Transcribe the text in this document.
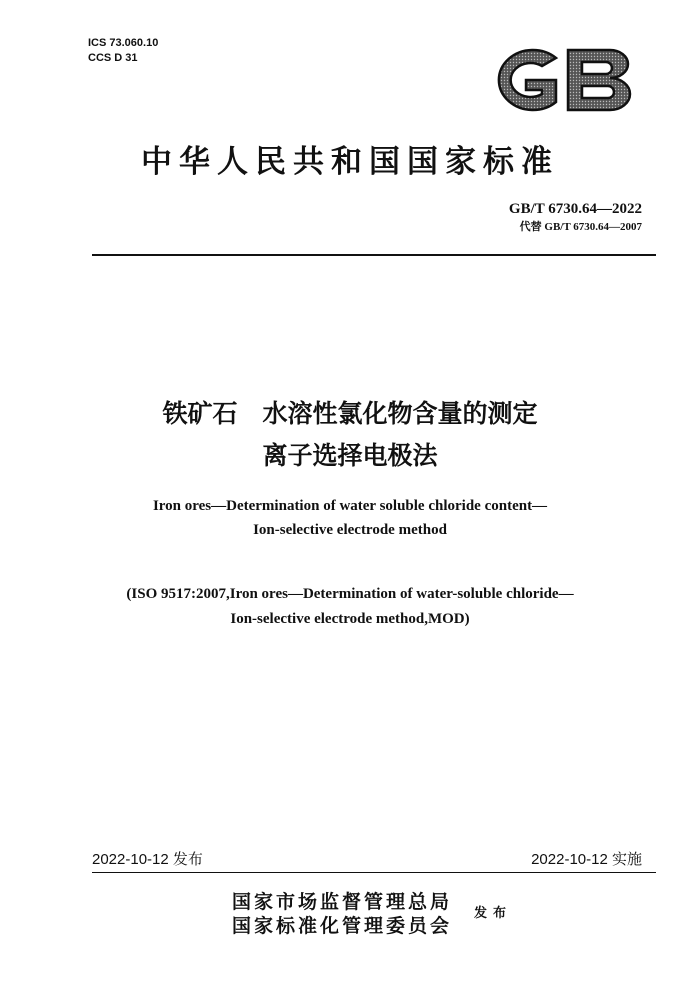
ICS 73.060.10
CCS D 31
中华人民共和国国家标准
GB/T 6730.64—2022
代替 GB/T 6730.64—2007
铁矿石　水溶性氯化物含量的测定
离子选择电极法
Iron ores—Determination of water soluble chloride content—
Ion-selective electrode method
(ISO 9517:2007,Iron ores—Determination of water-soluble chloride—
Ion-selective electrode method,MOD)
2022-10-12 发布	2022-10-12 实施
国家市场监督管理总局
国家标准化管理委员会
发布
